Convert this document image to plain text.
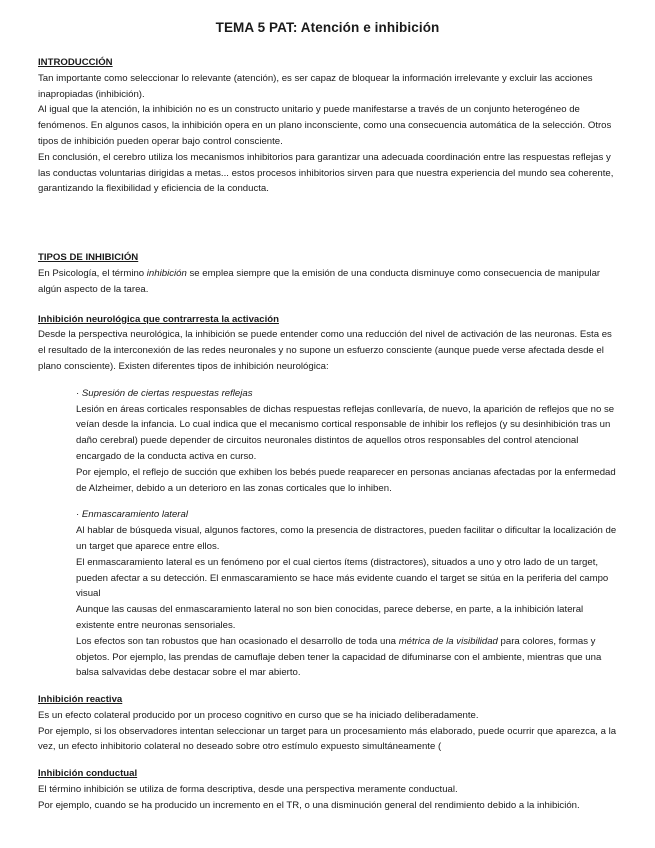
TEMA 5 PAT: Atención e inhibición
INTRODUCCIÓN

Tan importante como seleccionar lo relevante (atención), es ser capaz de bloquear la información irrelevante y excluir las acciones inapropiadas (inhibición).

Al igual que la atención, la inhibición no es un constructo unitario y puede manifestarse a través de un conjunto heterogéneo de fenómenos. En algunos casos, la inhibición opera en un plano inconsciente, como una consecuencia automática de la selección. Otros tipos de inhibición pueden operar bajo control consciente.

En conclusión, el cerebro utiliza los mecanismos inhibitorios para garantizar una adecuada coordinación entre las respuestas reflejas y las conductas voluntarias dirigidas a metas... estos procesos inhibitorios sirven para que nuestra experiencia del mundo sea coherente, garantizando la flexibilidad y eficiencia de la conducta.

TIPOS DE INHIBICIÓN

En Psicología, el término inhibición se emplea siempre que la emisión de una conducta disminuye como consecuencia de manipular algún aspecto de la tarea.

Inhibición neurológica que contrarresta la activación

Desde la perspectiva neurológica, la inhibición se puede entender como una reducción del nivel de activación de las neuronas. Esta es el resultado de la interconexión de las redes neuronales y no supone un esfuerzo consciente (aunque puede verse afectada desde el plano consciente). Existen diferentes tipos de inhibición neurológica:

· Supresión de ciertas respuestas reflejas

Lesión en áreas corticales responsables de dichas respuestas reflejas conllevaría, de nuevo, la aparición de reflejos que no se veían desde la infancia. Lo cual indica que el mecanismo cortical responsable de inhibir los reflejos (y su desinhibición tras un daño cerebral) puede depender de circuitos neuronales distintos de aquellos otros responsables del control atencional encargado de la conducta activa en curso.

Por ejemplo, el reflejo de succión que exhiben los bebés puede reaparecer en personas ancianas afectadas por la enfermedad de Alzheimer, debido a un deterioro en las zonas corticales que lo inhiben.

· Enmascaramiento lateral

Al hablar de búsqueda visual, algunos factores, como la presencia de distractores, pueden facilitar o dificultar la localización de un target que aparece entre ellos.

El enmascaramiento lateral es un fenómeno por el cual ciertos ítems (distractores), situados a uno y otro lado de un target, pueden afectar a su detección. El enmascaramiento se hace más evidente cuando el target se sitúa en la periferia del campo visual

Aunque las causas del enmascaramiento lateral no son bien conocidas, parece deberse, en parte, a la inhibición lateral existente entre neuronas sensoriales.

Los efectos son tan robustos que han ocasionado el desarrollo de toda una métrica de la visibilidad para colores, formas y objetos. Por ejemplo, las prendas de camuflaje deben tener la capacidad de difuminarse con el ambiente, mientras que una balsa salvavidas debe destacar sobre el mar abierto.

Inhibición reactiva

Es un efecto colateral producido por un proceso cognitivo en curso que se ha iniciado deliberadamente.

Por ejemplo, si los observadores intentan seleccionar un target para un procesamiento más elaborado, puede ocurrir que aparezca, a la vez, un efecto inhibitorio colateral no deseado sobre otro estímulo expuesto simultáneamente (

Inhibición conductual

El término inhibición se utiliza de forma descriptiva, desde una perspectiva meramente conductual.

Por ejemplo, cuando se ha producido un incremento en el TR, o una disminución general del rendimiento debido a la inhibición.
